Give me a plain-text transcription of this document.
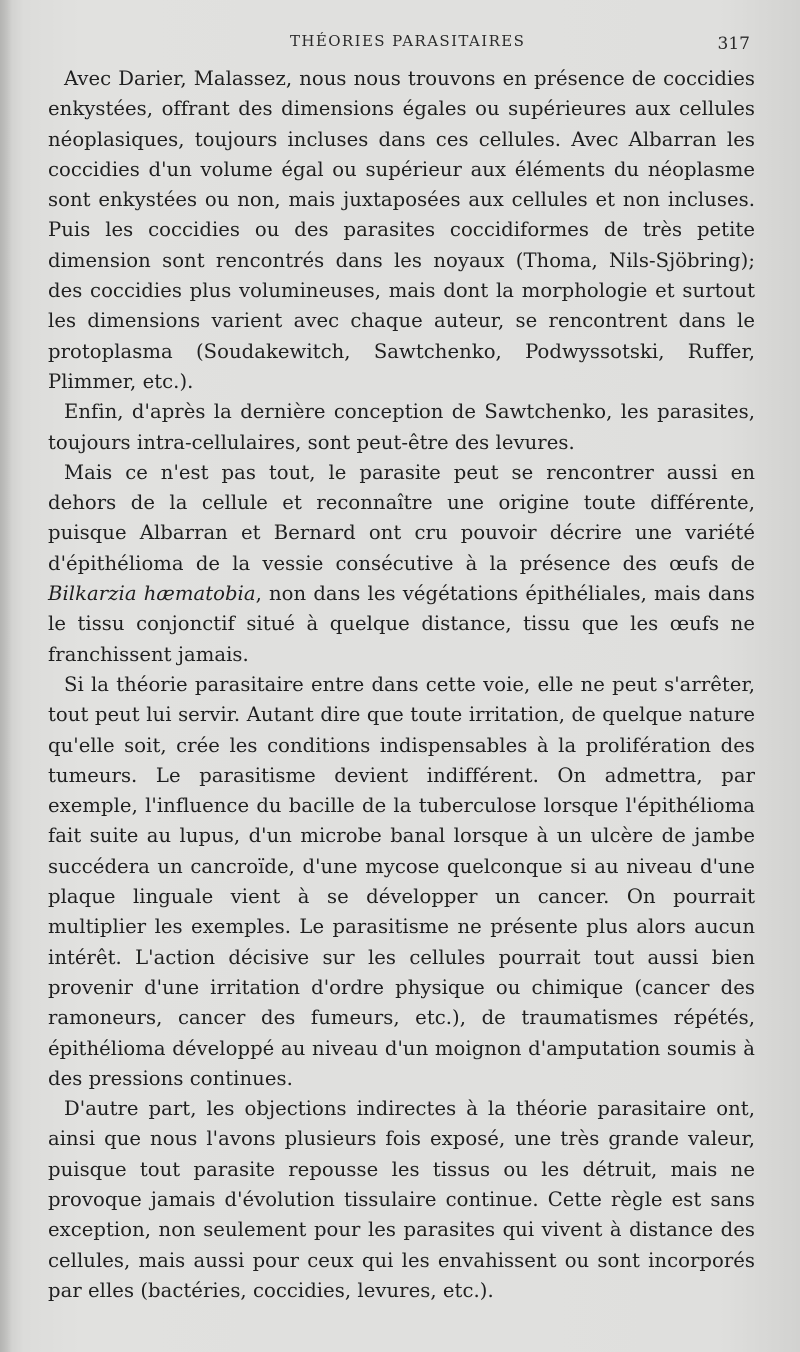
THÉORIES PARASITAIRES	317

Avec Darier, Malassez, nous nous trouvons en présence de coccidies enkystées, offrant des dimensions égales ou supérieures aux cellules néoplasiques, toujours incluses dans ces cellules. Avec Albarran les coccidies d'un volume égal ou supérieur aux éléments du néoplasme sont enkystées ou non, mais juxtaposées aux cellules et non incluses. Puis les coccidies ou des parasites coccidiformes de très petite dimension sont rencontrés dans les noyaux (Thoma, Nils-Sjöbring); des coccidies plus volumineuses, mais dont la morphologie et surtout les dimensions varient avec chaque auteur, se rencontrent dans le protoplasma (Soudakewitch, Sawtchenko, Podwyssotski, Ruffer, Plimmer, etc.).

Enfin, d'après la dernière conception de Sawtchenko, les parasites, toujours intra-cellulaires, sont peut-être des levures.

Mais ce n'est pas tout, le parasite peut se rencontrer aussi en dehors de la cellule et reconnaître une origine toute différente, puisque Albarran et Bernard ont cru pouvoir décrire une variété d'épithélioma de la vessie consécutive à la présence des œufs de Bilkarzia hæmatobia, non dans les végétations épithéliales, mais dans le tissu conjonctif situé à quelque distance, tissu que les œufs ne franchissent jamais.

Si la théorie parasitaire entre dans cette voie, elle ne peut s'arrêter, tout peut lui servir. Autant dire que toute irritation, de quelque nature qu'elle soit, crée les conditions indispensables à la prolifération des tumeurs. Le parasitisme devient indifférent. On admettra, par exemple, l'influence du bacille de la tuberculose lorsque l'épithélioma fait suite au lupus, d'un microbe banal lorsque à un ulcère de jambe succédera un cancroïde, d'une mycose quelconque si au niveau d'une plaque linguale vient à se développer un cancer. On pourrait multiplier les exemples. Le parasitisme ne présente plus alors aucun intérêt. L'action décisive sur les cellules pourrait tout aussi bien provenir d'une irritation d'ordre physique ou chimique (cancer des ramoneurs, cancer des fumeurs, etc.), de traumatismes répétés, épithélioma développé au niveau d'un moignon d'amputation soumis à des pressions continues.

D'autre part, les objections indirectes à la théorie parasitaire ont, ainsi que nous l'avons plusieurs fois exposé, une très grande valeur, puisque tout parasite repousse les tissus ou les détruit, mais ne provoque jamais d'évolution tissulaire continue. Cette règle est sans exception, non seulement pour les parasites qui vivent à distance des cellules, mais aussi pour ceux qui les envahissent ou sont incorporés par elles (bactéries, coccidies, levures, etc.).
